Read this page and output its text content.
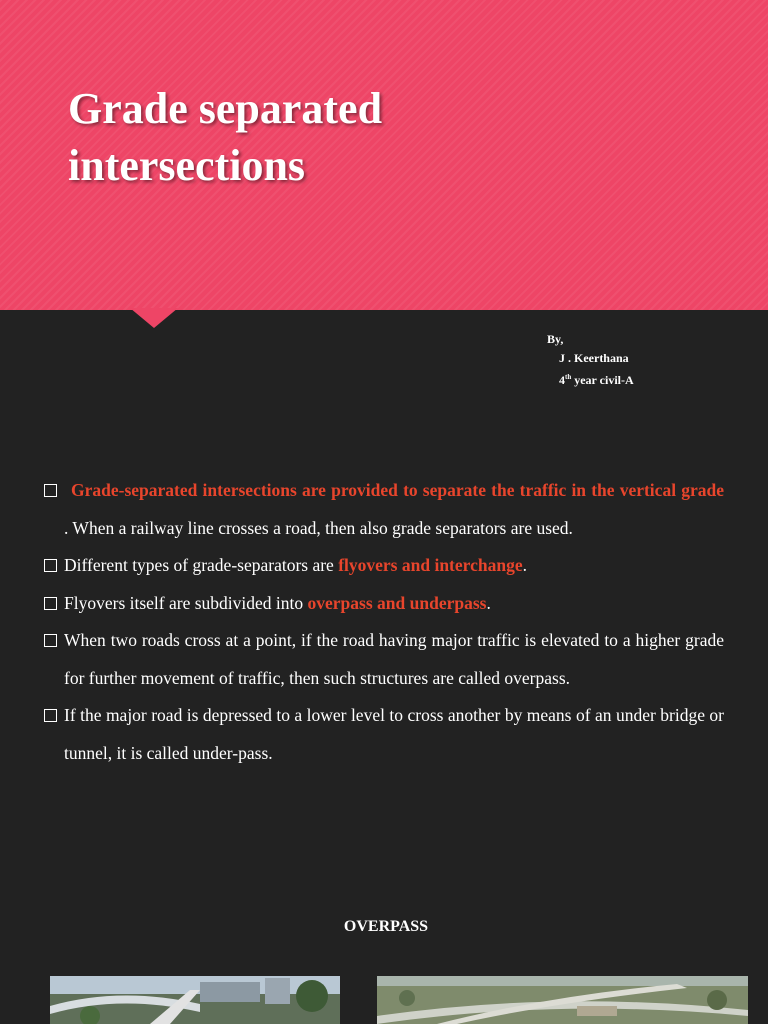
Grade separated
intersections
By,
J . Keerthana
4th year civil-A
Grade-separated intersections are provided to separate the traffic in the vertical grade . When a railway line crosses a road, then also grade separators are used.
Different types of grade-separators are flyovers and interchange.
Flyovers itself are subdivided into overpass and underpass.
When two roads cross at a point, if the road having major traffic is elevated to a higher grade for further movement of traffic, then such structures are called overpass.
If the major road is depressed to a lower level to cross another by means of an under bridge or tunnel, it is called under-pass.
OVERPASS
